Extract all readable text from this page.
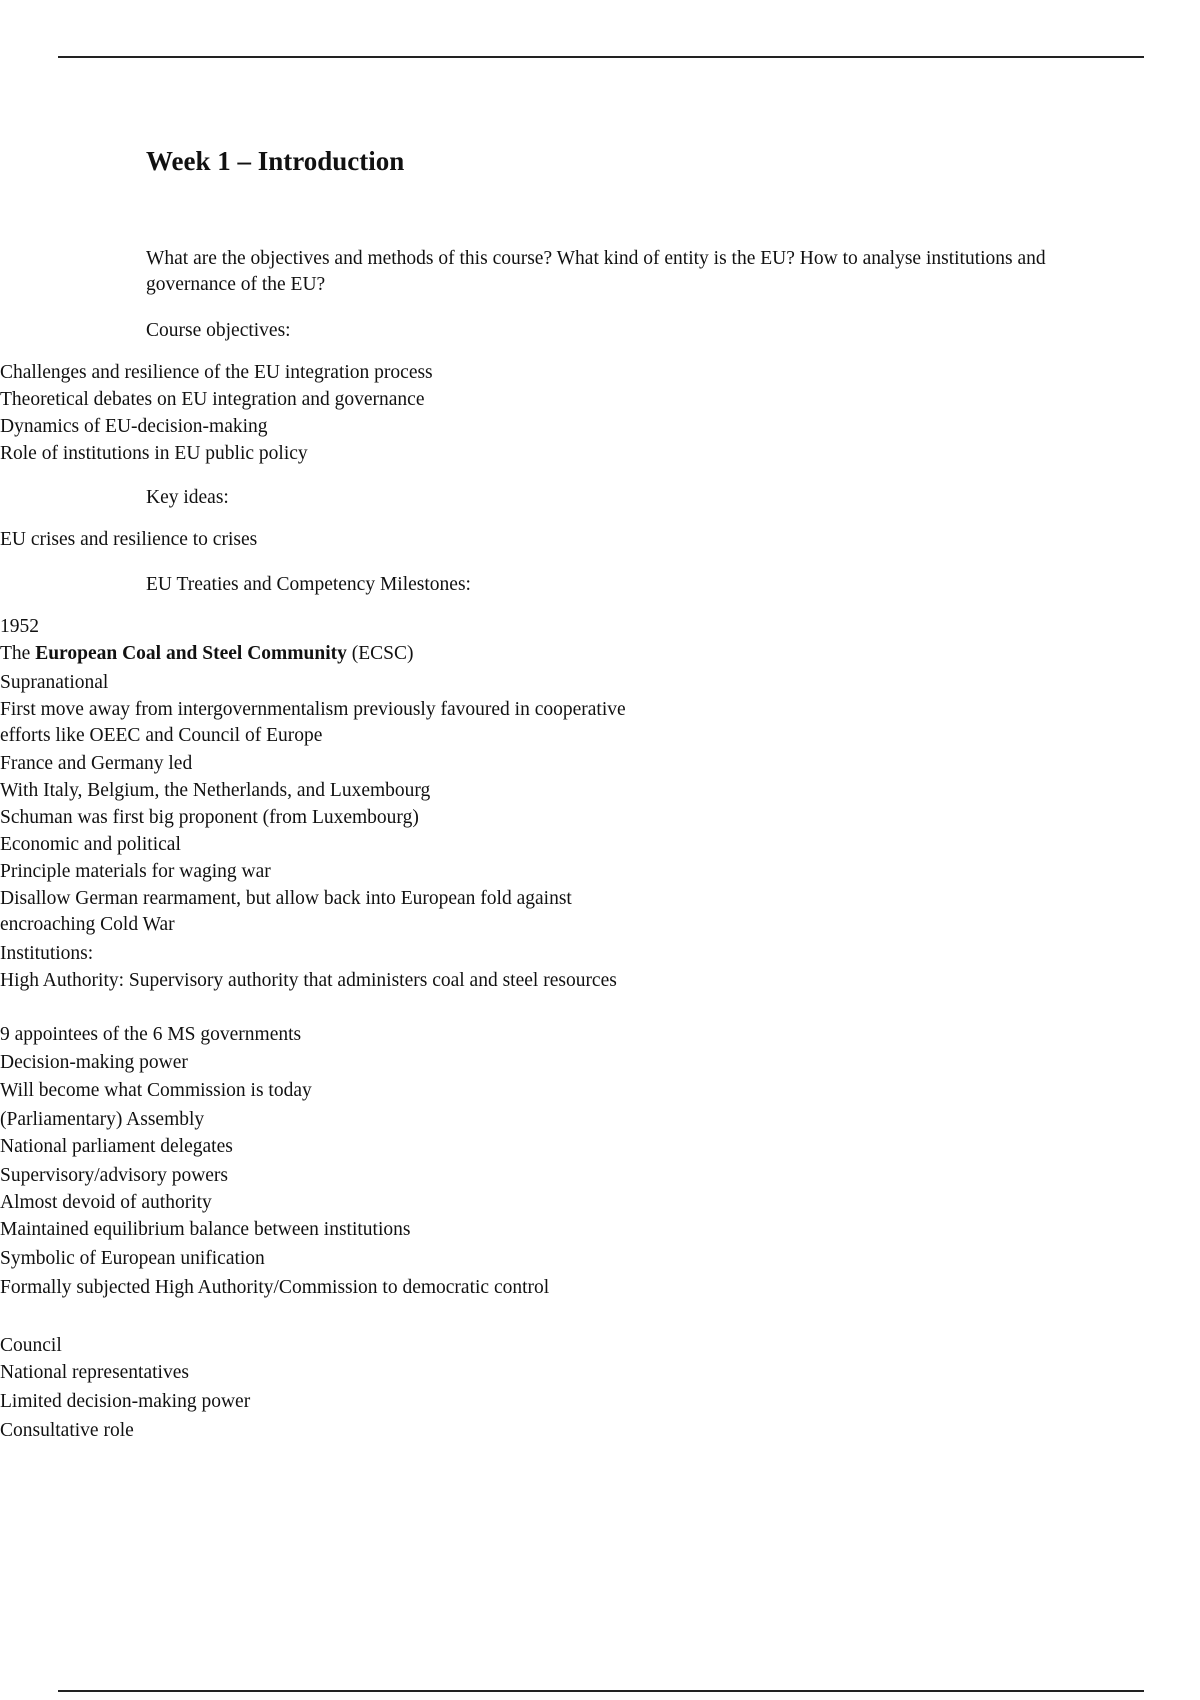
Week 1 – Introduction

What are the objectives and methods of this course? What kind of entity is the EU? How to analyse institutions and governance of the EU?

Course objectives:

Challenges and resilience of the EU integration process
Theoretical debates on EU integration and governance
Dynamics of EU-decision-making
Role of institutions in EU public policy

Key ideas:

EU crises and resilience to crises

EU Treaties and Competency Milestones:

1952
The European Coal and Steel Community (ECSC)
Supranational
First move away from intergovernmentalism previously favoured in cooperative efforts like OEEC and Council of Europe
France and Germany led
With Italy, Belgium, the Netherlands, and Luxembourg
Schuman was first big proponent (from Luxembourg)
Economic and political
Principle materials for waging war
Disallow German rearmament, but allow back into European fold against encroaching Cold War
Institutions:
High Authority: Supervisory authority that administers coal and steel resources
9 appointees of the 6 MS governments
Decision-making power
Will become what Commission is today
(Parliamentary) Assembly
National parliament delegates
Supervisory/advisory powers
Almost devoid of authority
Maintained equilibrium balance between institutions
Symbolic of European unification
Formally subjected High Authority/Commission to democratic control
Council
National representatives
Limited decision-making power
Consultative role
